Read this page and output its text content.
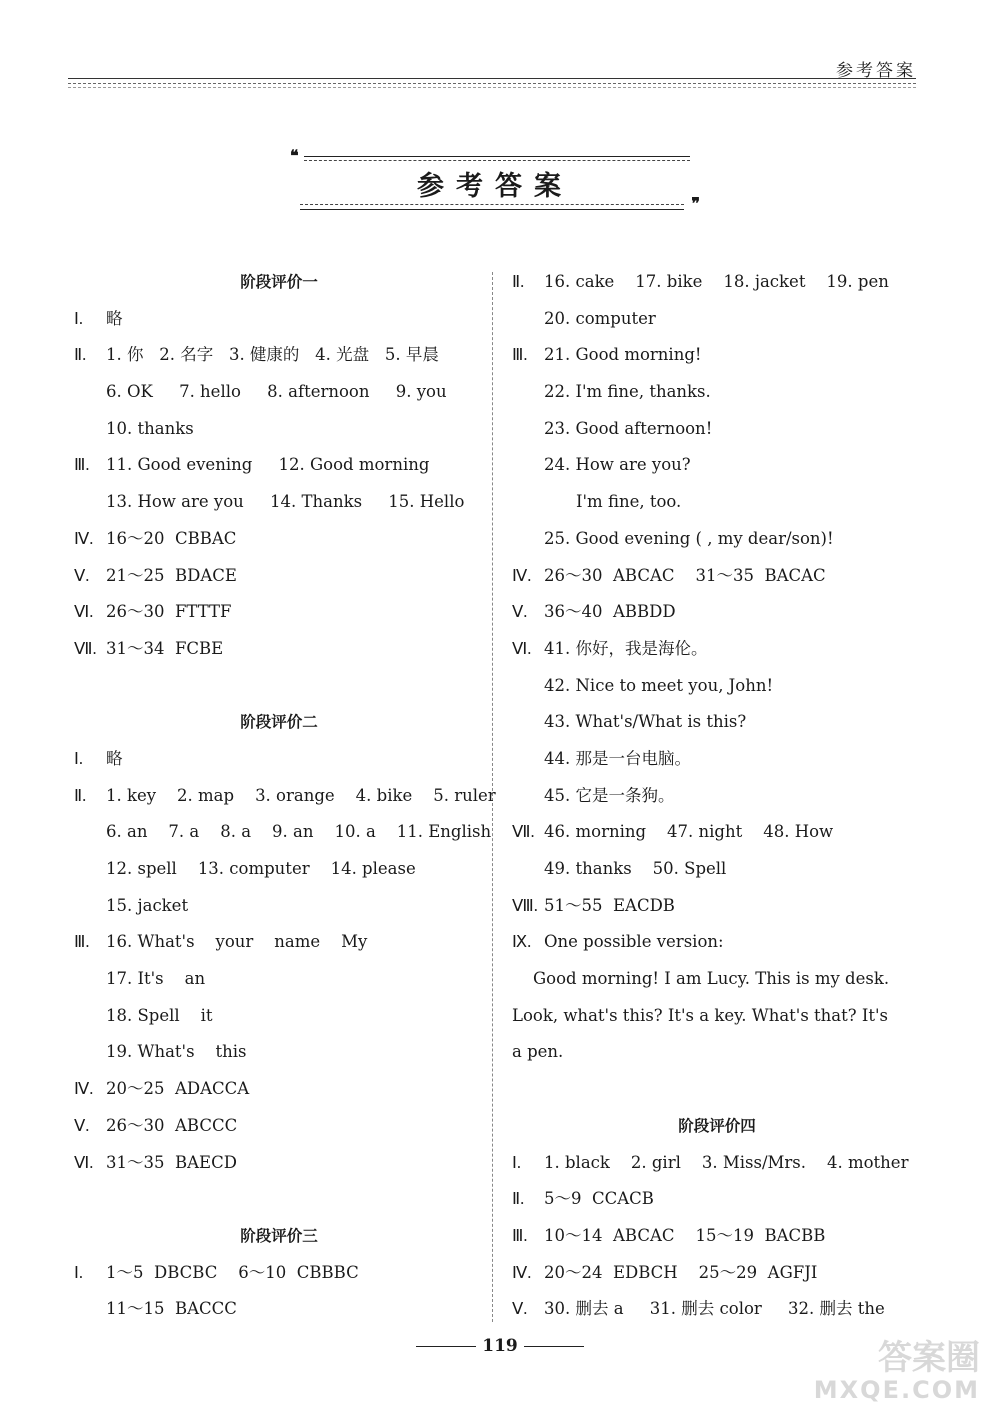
参考答案
❝
参考答案
❞
阶段评价一
Ⅰ. 略
Ⅱ. 1. 你   2. 名字   3. 健康的   4. 光盘   5. 早晨
6. OK     7. hello     8. afternoon     9. you
10. thanks
Ⅲ. 11. Good evening     12. Good morning
13. How are you     14. Thanks     15. Hello
Ⅳ. 16～20  CBBAC
Ⅴ. 21～25  BDACE
Ⅵ. 26～30  FTTTF
Ⅶ. 31～34  FCBE
阶段评价二
Ⅰ. 略
Ⅱ. 1. key    2. map    3. orange    4. bike    5. ruler
6. an    7. a    8. a    9. an    10. a    11. English
12. spell    13. computer    14. please
15. jacket
Ⅲ. 16. What's    your    name    My
17. It's    an
18. Spell    it
19. What's    this
Ⅳ. 20～25  ADACCA
Ⅴ. 26～30  ABCCC
Ⅵ. 31～35  BAECD
阶段评价三
Ⅰ. 1～5  DBCBC    6～10  CBBBC
11～15  BACCC
Ⅱ. 16. cake    17. bike    18. jacket    19. pen
20. computer
Ⅲ. 21. Good morning!
22. I'm fine, thanks.
23. Good afternoon!
24. How are you?
I'm fine, too.
25. Good evening ( , my dear/son)!
Ⅳ. 26～30  ABCAC    31～35  BACAC
Ⅴ. 36～40  ABBDD
Ⅵ. 41. 你好，我是海伦。
42. Nice to meet you, John!
43. What's/What is this?
44. 那是一台电脑。
45. 它是一条狗。
Ⅶ. 46. morning    47. night    48. How
49. thanks    50. Spell
Ⅷ. 51～55  EACDB
Ⅸ. One possible version:
Good morning! I am Lucy. This is my desk.
Look, what's this? It's a key. What's that? It's
a pen.
阶段评价四
Ⅰ. 1. black    2. girl    3. Miss/Mrs.    4. mother
Ⅱ. 5～9  CCACB
Ⅲ. 10～14  ABCAC    15～19  BACBB
Ⅳ. 20～24  EDBCH    25～29  AGFJI
Ⅴ. 30. 删去 a     31. 删去 color     32. 删去 the
119	答案圈
MXQE.COM
